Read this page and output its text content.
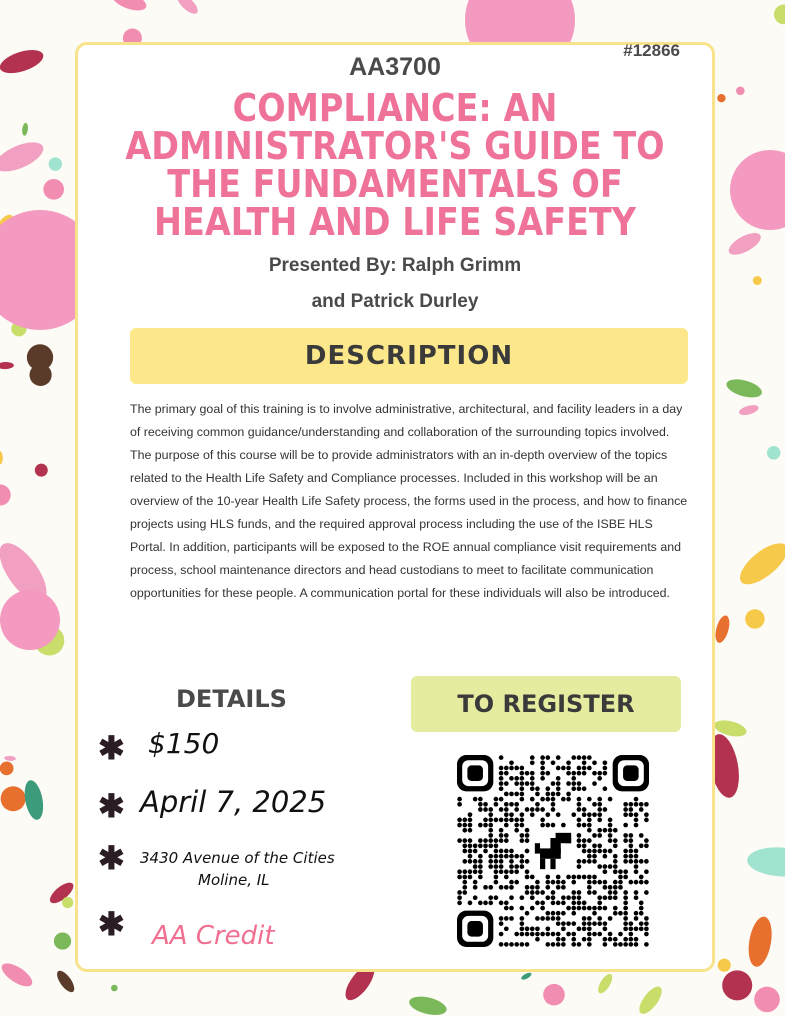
AA3700
#12866
COMPLIANCE: AN ADMINISTRATOR'S GUIDE TO THE FUNDAMENTALS OF HEALTH AND LIFE SAFETY
Presented By: Ralph Grimm
and Patrick Durley
DESCRIPTION
The primary goal of this training is to involve administrative, architectural, and facility leaders in a day of receiving common guidance/understanding and collaboration of the surrounding topics involved. The purpose of this course will be to provide administrators with an in-depth overview of the topics related to the Health Life Safety and Compliance processes. Included in this workshop will be an overview of the 10-year Health Life Safety process, the forms used in the process, and how to finance projects using HLS funds, and the required approval process including the use of the ISBE HLS Portal. In addition, participants will be exposed to the ROE annual compliance visit requirements and process, school maintenance directors and head custodians to meet to facilitate communication opportunities for these people. A communication portal for these individuals will also be introduced.
DETAILS
✱ $150
✱ April 7, 2025
✱	3430 Avenue of the Cities
Moline, IL
✱ AA Credit
TO REGISTER
